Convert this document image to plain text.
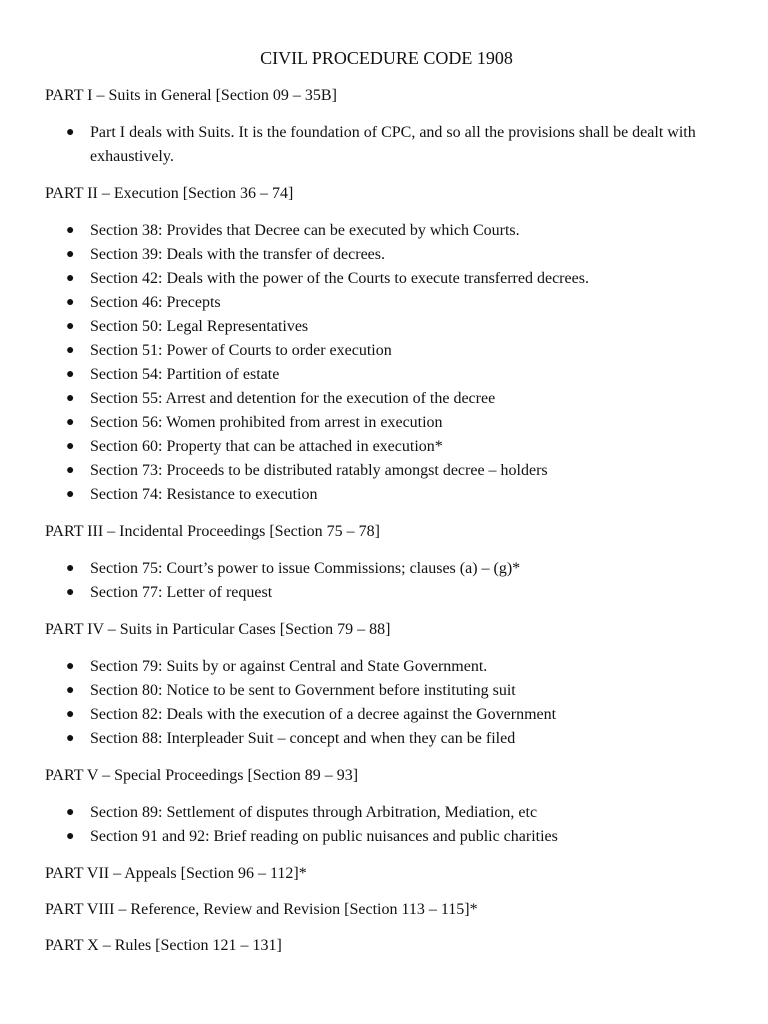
CIVIL PROCEDURE CODE 1908

PART I – Suits in General [Section 09 – 35B]

● Part I deals with Suits. It is the foundation of CPC, and so all the provisions shall be dealt with exhaustively.

PART II – Execution [Section 36 – 74]

● Section 38: Provides that Decree can be executed by which Courts.
● Section 39: Deals with the transfer of decrees.
● Section 42: Deals with the power of the Courts to execute transferred decrees.
● Section 46: Precepts
● Section 50: Legal Representatives
● Section 51: Power of Courts to order execution
● Section 54: Partition of estate
● Section 55: Arrest and detention for the execution of the decree
● Section 56: Women prohibited from arrest in execution
● Section 60: Property that can be attached in execution*
● Section 73: Proceeds to be distributed ratably amongst decree – holders
● Section 74: Resistance to execution

PART III – Incidental Proceedings [Section 75 – 78]

● Section 75: Court’s power to issue Commissions; clauses (a) – (g)*
● Section 77: Letter of request

PART IV – Suits in Particular Cases [Section 79 – 88]

● Section 79: Suits by or against Central and State Government.
● Section 80: Notice to be sent to Government before instituting suit
● Section 82: Deals with the execution of a decree against the Government
● Section 88: Interpleader Suit – concept and when they can be filed

PART V – Special Proceedings [Section 89 – 93]

● Section 89: Settlement of disputes through Arbitration, Mediation, etc
● Section 91 and 92: Brief reading on public nuisances and public charities

PART VII – Appeals [Section 96 – 112]*

PART VIII – Reference, Review and Revision [Section 113 – 115]*

PART X – Rules [Section 121 – 131]
